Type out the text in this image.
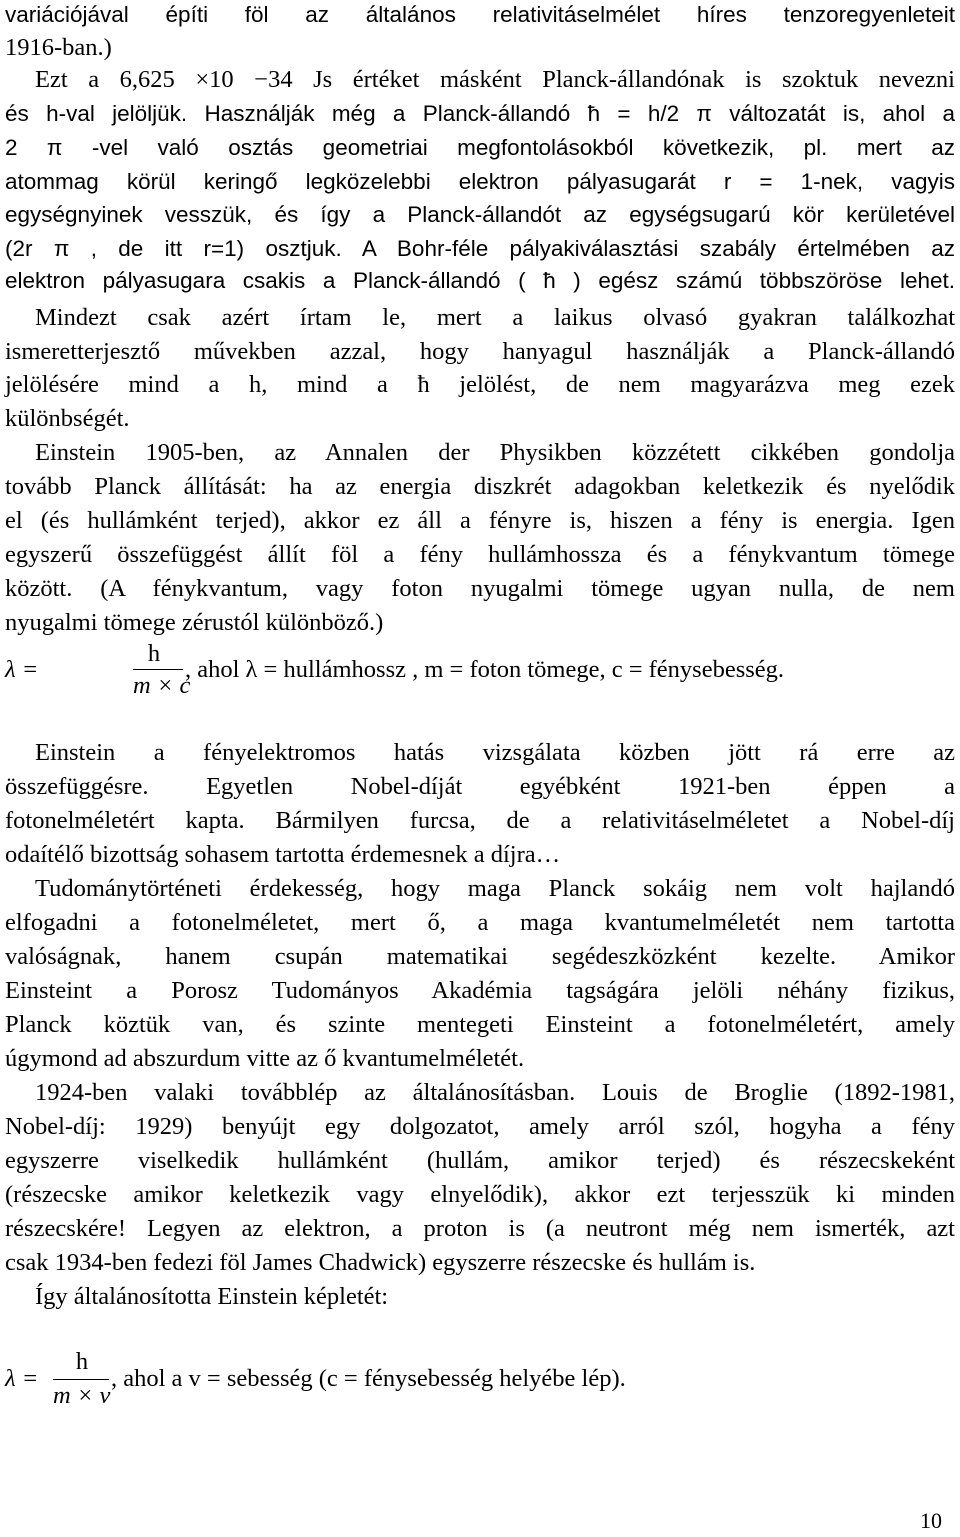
variációjával építi föl az általános relativitáselmélet híres tenzoregyenleteit
1916-ban.)
Ezt a 6,625 ×10 −34 Js értéket másként Planck-állandónak is szoktuk nevezni
és h-val jelöljük. Használják még a Planck-állandó ħ = h/2 π változatát is, ahol a
2 π -vel való osztás geometriai megfontolásokból következik, pl. mert az
atommag körül keringő legközelebbi elektron pályasugarát r = 1-nek, vagyis
egységnyinek vesszük, és így a Planck-állandót az egységsugarú kör kerületével
(2r π , de itt r=1) osztjuk. A Bohr-féle pályakiválasztási szabály értelmében az
elektron pályasugara csakis a Planck-állandó ( ħ ) egész számú többszöröse lehet.
Mindezt csak azért írtam le, mert a laikus olvasó gyakran találkozhat
ismeretterjesztő művekben azzal, hogy hanyagul használják a Planck-állandó
jelölésére mind a h, mind a ħ jelölést, de nem magyarázva meg ezek
különbségét.
Einstein 1905-ben, az Annalen der Physikben közzétett cikkében gondolja
tovább Planck állítását: ha az energia diszkrét adagokban keletkezik és nyelődik
el (és hullámként terjed), akkor ez áll a fényre is, hiszen a fény is energia. Igen
egyszerű összefüggést állít föl a fény hullámhossza és a fénykvantum tömege
között. (A fénykvantum, vagy foton nyugalmi tömege ugyan nulla, de nem
nyugalmi tömege zérustól különböző.)
λ =
h
m × c
, ahol λ = hullámhossz , m = foton tömege, c = fénysebesség.
Einstein a fényelektromos hatás vizsgálata közben jött rá erre az
összefüggésre. Egyetlen Nobel-díját egyébként 1921-ben éppen a
fotonelméletért kapta. Bármilyen furcsa, de a relativitáselméletet a Nobel-díj
odaítélő bizottság sohasem tartotta érdemesnek a díjra…
Tudománytörténeti érdekesség, hogy maga Planck sokáig nem volt hajlandó
elfogadni a fotonelméletet, mert ő, a maga kvantumelméletét nem tartotta
valóságnak, hanem csupán matematikai segédeszközként kezelte. Amikor
Einsteint a Porosz Tudományos Akadémia tagságára jelöli néhány fizikus,
Planck köztük van, és szinte mentegeti Einsteint a fotonelméletért, amely
úgymond ad abszurdum vitte az ő kvantumelméletét.
1924-ben valaki továbblép az általánosításban. Louis de Broglie (1892-1981,
Nobel-díj: 1929) benyújt egy dolgozatot, amely arról szól, hogyha a fény
egyszerre viselkedik hullámként (hullám, amikor terjed) és részecskeként
(részecske amikor keletkezik vagy elnyelődik), akkor ezt terjesszük ki minden
részecskére! Legyen az elektron, a proton is (a neutront még nem ismerték, azt
csak 1934-ben fedezi föl James Chadwick) egyszerre részecske és hullám is.
Így általánosította Einstein képletét:
λ =
h
m × v
, ahol a v = sebesség (c = fénysebesség helyébe lép).
10
